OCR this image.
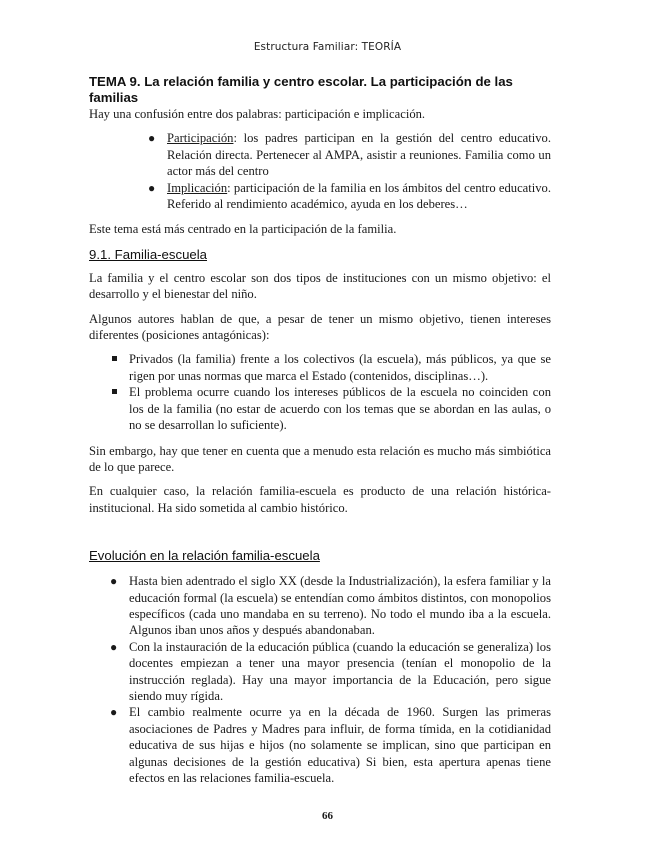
Estructura Familiar: TEORÍA
TEMA 9. La relación familia y centro escolar. La participación de las familias

Hay una confusión entre dos palabras: participación e implicación.

● Participación: los padres participan en la gestión del centro educativo. Relación directa. Pertenecer al AMPA, asistir a reuniones. Familia como un actor más del centro
● Implicación: participación de la familia en los ámbitos del centro educativo. Referido al rendimiento académico, ayuda en los deberes…

Este tema está más centrado en la participación de la familia.

9.1. Familia-escuela

La familia y el centro escolar son dos tipos de instituciones con un mismo objetivo: el desarrollo y el bienestar del niño.

Algunos autores hablan de que, a pesar de tener un mismo objetivo, tienen intereses diferentes (posiciones antagónicas):

Privados (la familia) frente a los colectivos (la escuela), más públicos, ya que se rigen por unas normas que marca el Estado (contenidos, disciplinas…).
El problema ocurre cuando los intereses públicos de la escuela no coinciden con los de la familia (no estar de acuerdo con los temas que se abordan en las aulas, o no se desarrollan lo suficiente).

Sin embargo, hay que tener en cuenta que a menudo esta relación es mucho más simbiótica de lo que parece.

En cualquier caso, la relación familia-escuela es producto de una relación histórica-institucional. Ha sido sometida al cambio histórico.

Evolución en la relación familia-escuela
● Hasta bien adentrado el siglo XX (desde la Industrialización), la esfera familiar y la educación formal (la escuela) se entendían como ámbitos distintos, con monopolios específicos (cada uno mandaba en su terreno). No todo el mundo iba a la escuela. Algunos iban unos años y después abandonaban.
● Con la instauración de la educación pública (cuando la educación se generaliza) los docentes empiezan a tener una mayor presencia (tenían el monopolio de la instrucción reglada). Hay una mayor importancia de la Educación, pero sigue siendo muy rígida.
● El cambio realmente ocurre ya en la década de 1960. Surgen las primeras asociaciones de Padres y Madres para influir, de forma tímida, en la cotidianidad educativa de sus hijas e hijos (no solamente se implican, sino que participan en algunas decisiones de la gestión educativa) Si bien, esta apertura apenas tiene efectos en las relaciones familia-escuela.
66
